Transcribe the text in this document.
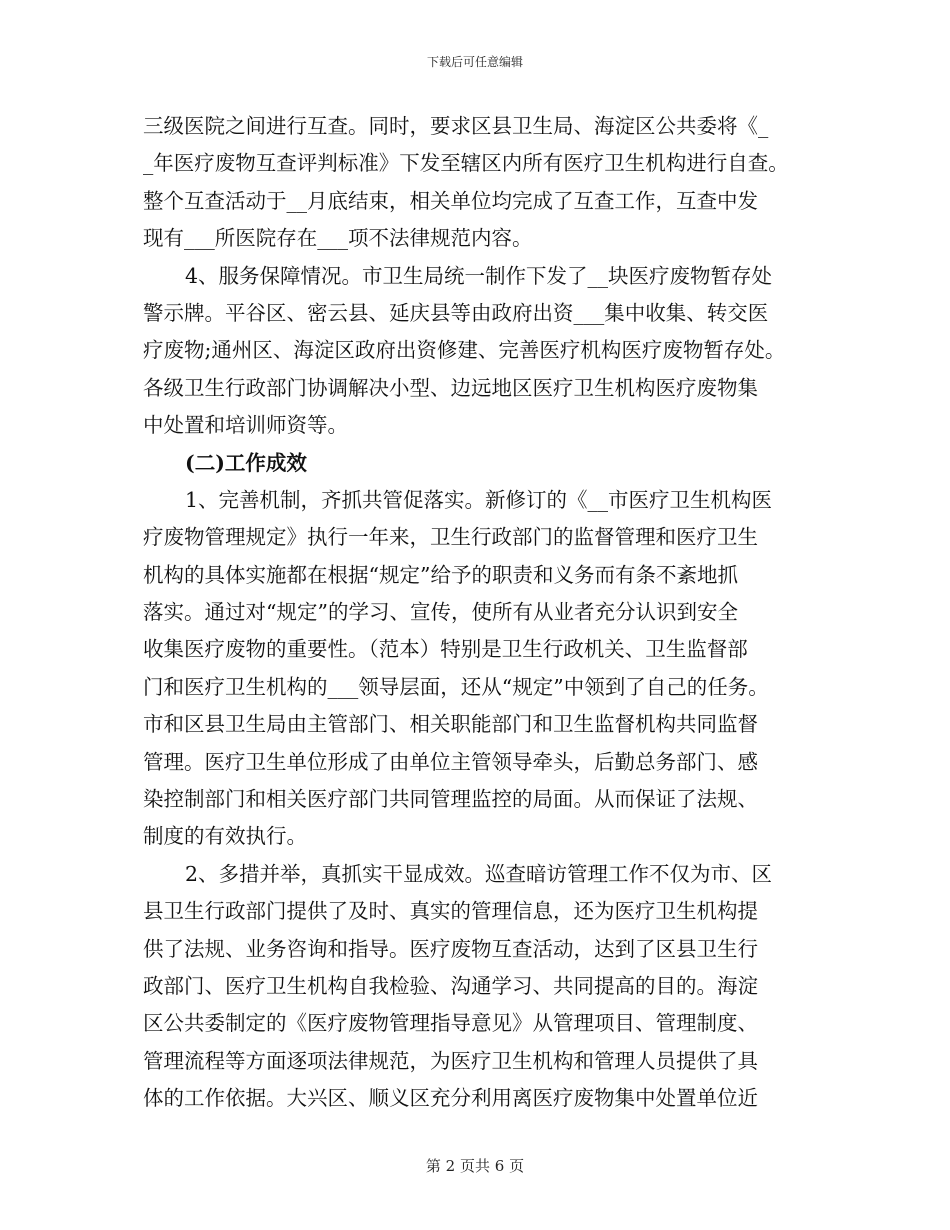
下载后可任意编辑
三级医院之间进行互查。同时，要求区县卫生局、海淀区公共委将《_
_年医疗废物互查评判标准》下发至辖区内所有医疗卫生机构进行自查。
整个互查活动于__月底结束，相关单位均完成了互查工作，互查中发
现有___所医院存在___项不法律规范内容。
4、服务保障情况。市卫生局统一制作下发了__块医疗废物暂存处
警示牌。平谷区、密云县、延庆县等由政府出资___集中收集、转交医
疗废物;通州区、海淀区政府出资修建、完善医疗机构医疗废物暂存处。
各级卫生行政部门协调解决小型、边远地区医疗卫生机构医疗废物集
中处置和培训师资等。
(二)工作成效
1、完善机制，齐抓共管促落实。新修订的《__市医疗卫生机构医
疗废物管理规定》执行一年来，卫生行政部门的监督管理和医疗卫生
机构的具体实施都在根据“规定”给予的职责和义务而有条不紊地抓
落实。通过对“规定”的学习、宣传，使所有从业者充分认识到安全
收集医疗废物的重要性。（范本）特别是卫生行政机关、卫生监督部
门和医疗卫生机构的___领导层面，还从“规定”中领到了自己的任务。
市和区县卫生局由主管部门、相关职能部门和卫生监督机构共同监督
管理。医疗卫生单位形成了由单位主管领导牵头，后勤总务部门、感
染控制部门和相关医疗部门共同管理监控的局面。从而保证了法规、
制度的有效执行。
2、多措并举，真抓实干显成效。巡查暗访管理工作不仅为市、区
县卫生行政部门提供了及时、真实的管理信息，还为医疗卫生机构提
供了法规、业务咨询和指导。医疗废物互查活动，达到了区县卫生行
政部门、医疗卫生机构自我检验、沟通学习、共同提高的目的。海淀
区公共委制定的《医疗废物管理指导意见》从管理项目、管理制度、
管理流程等方面逐项法律规范，为医疗卫生机构和管理人员提供了具
体的工作依据。大兴区、顺义区充分利用离医疗废物集中处置单位近
第 2 页共 6 页
